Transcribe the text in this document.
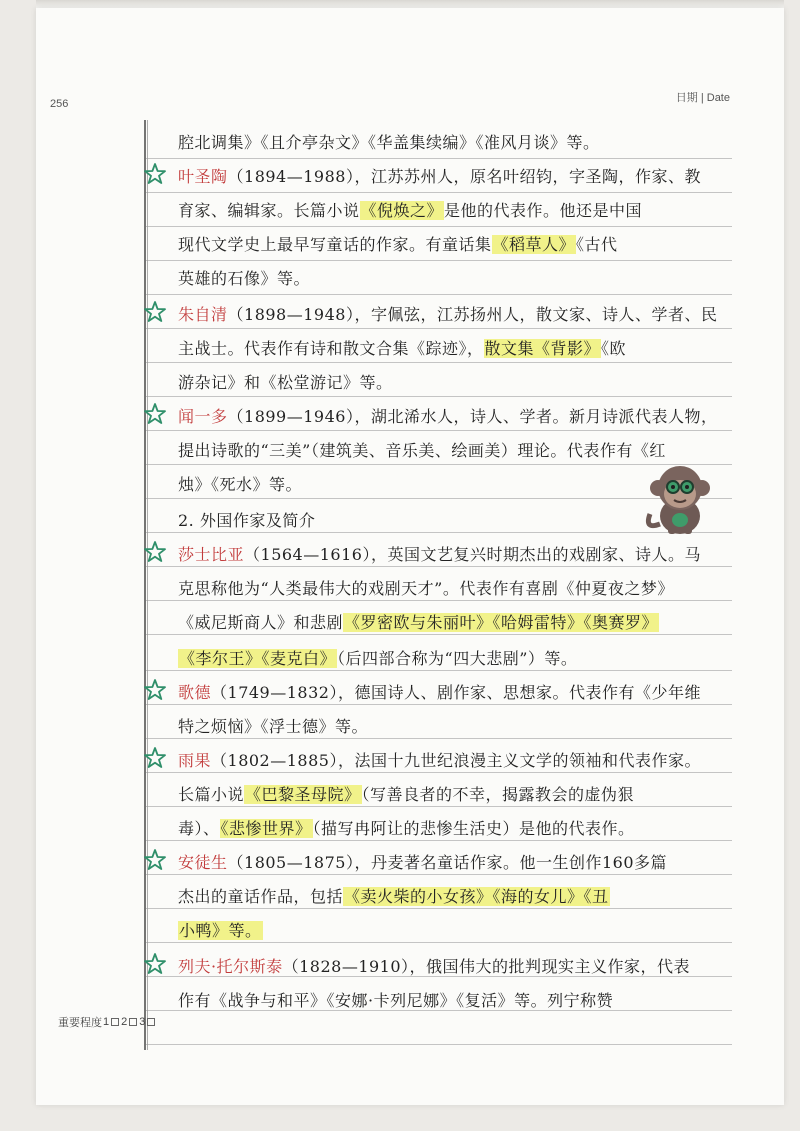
256	日期 | Date
腔北调集》《且介亭杂文》《华盖集续编》《准风月谈》等。
叶圣陶（1894—1988），江苏苏州人，原名叶绍钧，字圣陶，作家、教
育家、编辑家。长篇小说《倪焕之》是他的代表作。他还是中国
现代文学史上最早写童话的作家。有童话集《稻草人》《古代
英雄的石像》等。
朱自清（1898—1948），字佩弦，江苏扬州人，散文家、诗人、学者、民
主战士。代表作有诗和散文合集《踪迹》，散文集《背影》《欧
游杂记》和《松堂游记》等。
闻一多（1899—1946），湖北浠水人，诗人、学者。新月诗派代表人物，
提出诗歌的“三美”（建筑美、音乐美、绘画美）理论。代表作有《红
烛》《死水》等。
2. 外国作家及简介
莎士比亚（1564—1616），英国文艺复兴时期杰出的戏剧家、诗人。马
克思称他为“人类最伟大的戏剧天才”。代表作有喜剧《仲夏夜之梦》
《威尼斯商人》和悲剧《罗密欧与朱丽叶》《哈姆雷特》《奥赛罗》
《李尔王》《麦克白》（后四部合称为“四大悲剧”）等。
歌德（1749—1832），德国诗人、剧作家、思想家。代表作有《少年维
特之烦恼》《浮士德》等。
雨果（1802—1885），法国十九世纪浪漫主义文学的领袖和代表作家。
长篇小说《巴黎圣母院》（写善良者的不幸，揭露教会的虚伪狠
毒）、《悲惨世界》（描写冉阿让的悲惨生活史）是他的代表作。
安徒生（1805—1875），丹麦著名童话作家。他一生创作160多篇
杰出的童话作品，包括《卖火柴的小女孩》《海的女儿》《丑
小鸭》等。
列夫·托尔斯泰（1828—1910），俄国伟大的批判现实主义作家，代表
作有《战争与和平》《安娜·卡列尼娜》《复活》等。列宁称赞
重要程度 1 2 3
